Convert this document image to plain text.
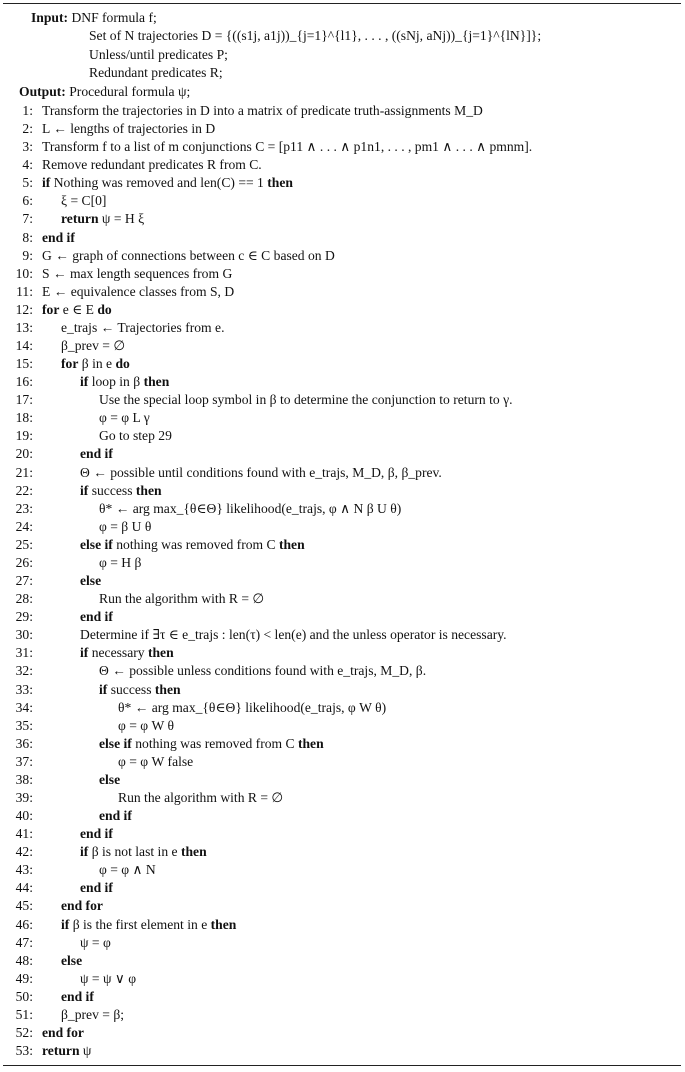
Input: DNF formula f;
Set of N trajectories D = {((s1j, a1j))_{j=1}^{l1}, . . . , ((sNj, aNj))_{j=1}^{lN}]};
Unless/until predicates P;
Redundant predicates R;
Output: Procedural formula ψ;
1: Transform the trajectories in D into a matrix of predicate truth-assignments M_D
2: L ← lengths of trajectories in D
3: Transform f to a list of m conjunctions C = [p11 ∧ . . . ∧ p1n1, . . . , pm1 ∧ . . . ∧ pmnm].
4: Remove redundant predicates R from C.
5: if Nothing was removed and len(C) == 1 then
6: ξ = C[0]
7: return ψ = H ξ
8: end if
9: G ← graph of connections between c ∈ C based on D
10: S ← max length sequences from G
11: E ← equivalence classes from S, D
12: for e ∈ E do
13: e_trajs ← Trajectories from e.
14: β_prev = ∅
15: for β in e do
16:	if loop in β then
17:	Use the special loop symbol in β to determine the conjunction to return to γ.
18:	φ = φ L γ
19:	Go to step 29
20:	end if
21:	Θ ← possible until conditions found with e_trajs, M_D, β, β_prev.
22:	if success then
23:	θ* ← arg max_{θ∈Θ} likelihood(e_trajs, φ ∧ N β U θ)
24:	φ = β U θ
25:	else if nothing was removed from C then
26:	φ = H β
27:	else
28:	Run the algorithm with R = ∅
29:	end if
30:	Determine if ∃τ ∈ e_trajs : len(τ) < len(e) and the unless operator is necessary.
31:	if necessary then
32:	Θ ← possible unless conditions found with e_trajs, M_D, β.
33:	if success then
34:	θ* ← arg max_{θ∈Θ} likelihood(e_trajs, φ W θ)
35:	φ = φ W θ
36:	else if nothing was removed from C then
37:	φ = φ W false
38:	else
39:	Run the algorithm with R = ∅
40:	end if
41:	end if
42:	if β is not last in e then
43:	φ = φ ∧ N
44:	end if
45: end for
46: if β is the first element in e then
47:	ψ = φ
48: else
49:	ψ = ψ ∨ φ
50: end if
51: β_prev = β;
52: end for
53: return ψ
